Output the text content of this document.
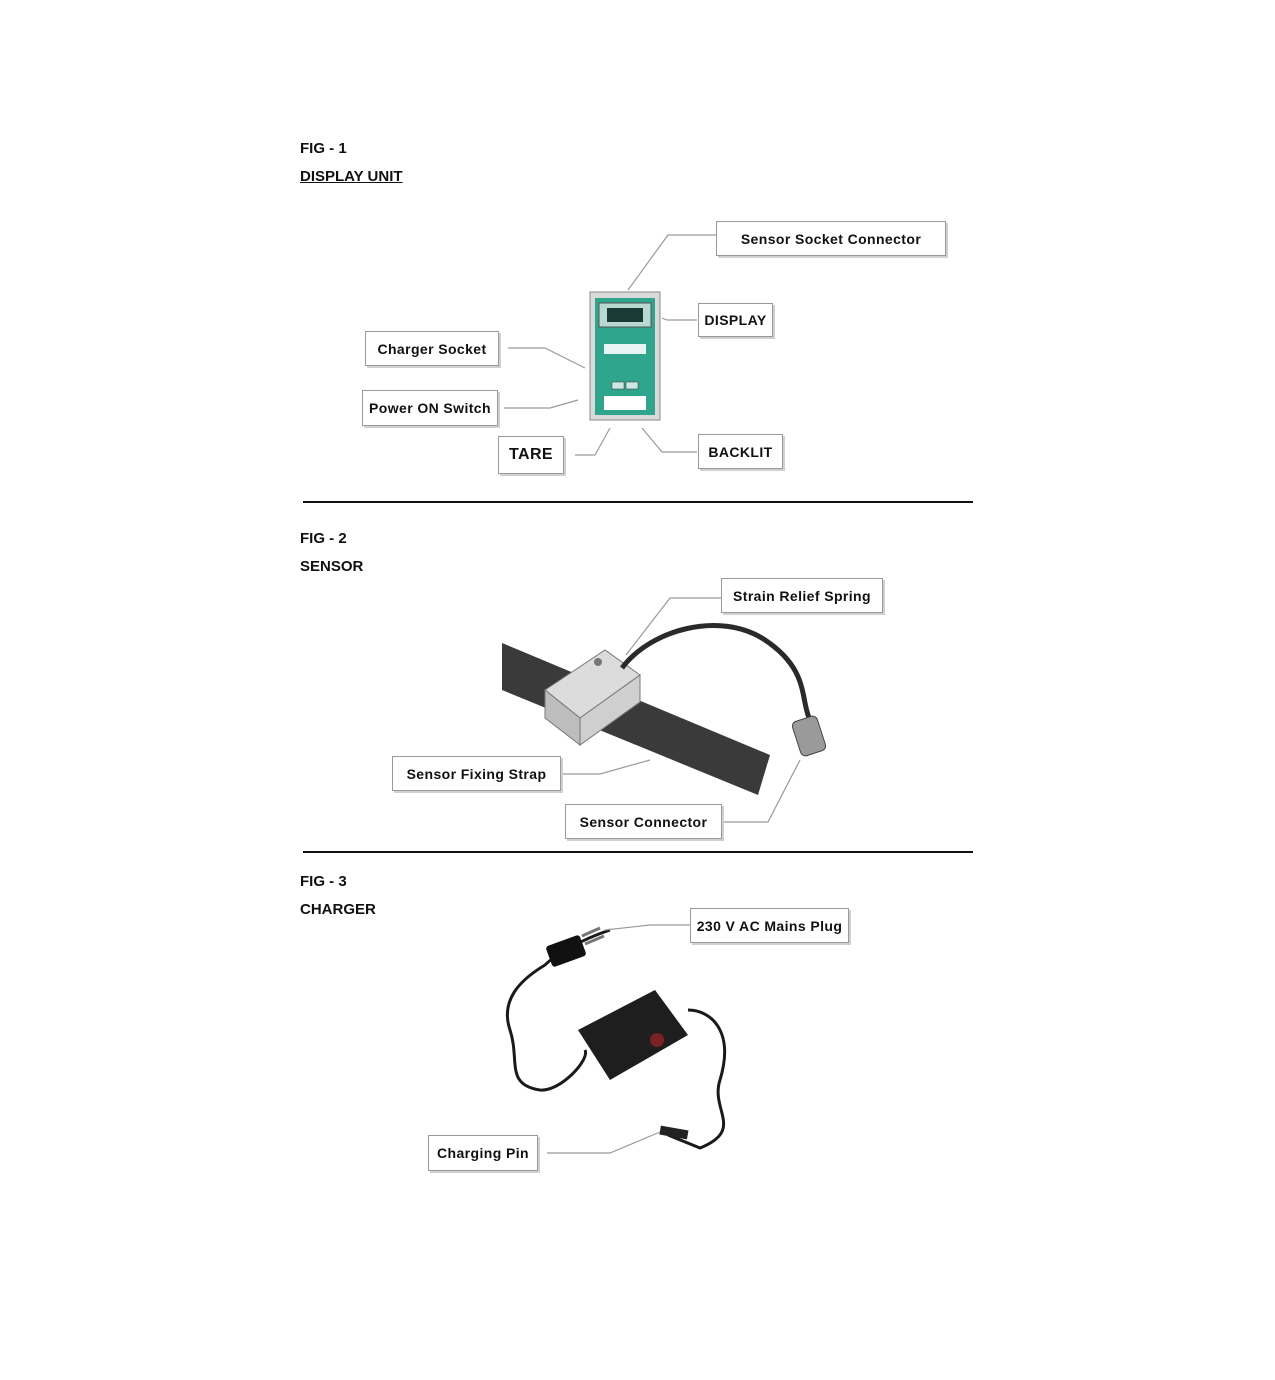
FIG - 1
DISPLAY UNIT
Sensor Socket Connector
DISPLAY
Charger Socket
Power ON Switch
TARE	BACKLIT
FIG - 2
SENSOR
Strain Relief Spring
Sensor Fixing Strap
Sensor Connector
FIG - 3
CHARGER
230 V AC Mains Plug
Charging Pin
